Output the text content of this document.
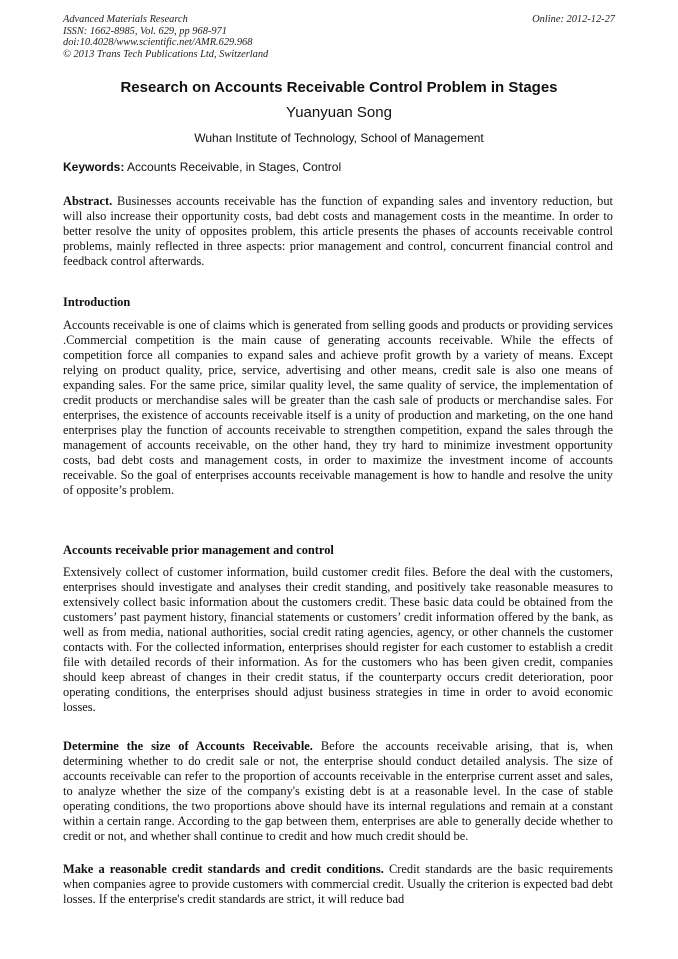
Advanced Materials Research
ISSN: 1662-8985, Vol. 629, pp 968-971
doi:10.4028/www.scientific.net/AMR.629.968
© 2013 Trans Tech Publications Ltd, Switzerland
Online: 2012-12-27
Research on Accounts Receivable Control Problem in Stages
Yuanyuan Song
Wuhan Institute of Technology, School of Management
Keywords: Accounts Receivable, in Stages, Control
Abstract. Businesses accounts receivable has the function of expanding sales and inventory reduction, but will also increase their opportunity costs, bad debt costs and management costs in the meantime. In order to better resolve the unity of opposites problem, this article presents the phases of accounts receivable control problems, mainly reflected in three aspects: prior management and control, concurrent financial control and feedback control afterwards.
Introduction
Accounts receivable is one of claims which is generated from selling goods and products or providing services .Commercial competition is the main cause of generating accounts receivable. While the effects of competition force all companies to expand sales and achieve profit growth by a variety of means. Except relying on product quality, price, service, advertising and other means, credit sale is also one means of expanding sales. For the same price, similar quality level, the same quality of service, the implementation of credit products or merchandise sales will be greater than the cash sale of products or merchandise sales. For enterprises, the existence of accounts receivable itself is a unity of production and marketing, on the one hand enterprises play the function of accounts receivable to strengthen competition, expand the sales through the management of accounts receivable, on the other hand, they try hard to minimize investment opportunity costs, bad debt costs and management costs, in order to maximize the investment income of accounts receivable. So the goal of enterprises accounts receivable management is how to handle and resolve the unity of opposite’s problem.
Accounts receivable prior management and control
Extensively collect of customer information, build customer credit files. Before the deal with the customers, enterprises should investigate and analyses their credit standing, and positively take reasonable measures to extensively collect basic information about the customers credit. These basic data could be obtained from the customers’ past payment history, financial statements or customers’ credit information offered by the bank, as well as from media, national authorities, social credit rating agencies, agency, or other channels the customer contacts with. For the collected information, enterprises should register for each customer to establish a credit file with detailed records of their information. As for the customers who has been given credit, companies should keep abreast of changes in their credit status, if the counterparty occurs credit deterioration, poor operating conditions, the enterprises should adjust business strategies in time in order to avoid economic losses.
Determine the size of Accounts Receivable. Before the accounts receivable arising, that is, when determining whether to do credit sale or not, the enterprise should conduct detailed analysis. The size of accounts receivable can refer to the proportion of accounts receivable in the enterprise current asset and sales, to analyze whether the size of the company's existing debt is at a reasonable level. In the case of stable operating conditions, the two proportions above should have its internal regulations and remain at a constant within a certain range. According to the gap between them, enterprises are able to generally decide whether to credit or not, and whether shall continue to credit and how much credit should be.
Make a reasonable credit standards and credit conditions. Credit standards are the basic requirements when companies agree to provide customers with commercial credit. Usually the criterion is expected bad debt losses. If the enterprise's credit standards are strict, it will reduce bad
